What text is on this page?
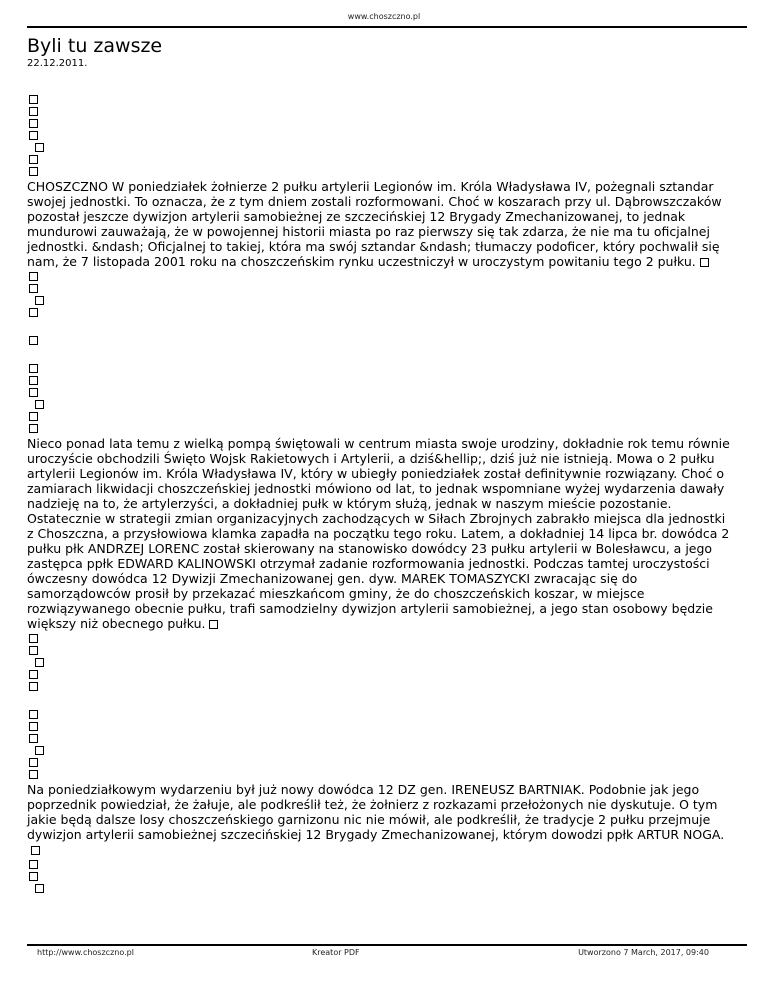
www.choszczno.pl
Byli tu zawsze
22.12.2011.

CHOSZCZNO W poniedziałek żołnierze 2 pułku artylerii Legionów im. Króla Władysława IV, pożegnali sztandar swojej jednostki. To oznacza, że z tym dniem zostali rozformowani. Choć w koszarach przy ul. Dąbrowszczaków pozostał jeszcze dywizjon artylerii samobieżnej ze szczecińskiej 12 Brygady Zmechanizowanej, to jednak mundurowi zauważają, że w powojennej historii miasta po raz pierwszy się tak zdarza, że nie ma tu oficjalnej jednostki. &ndash; Oficjalnej to takiej, która ma swój sztandar &ndash; tłumaczy podoficer, który pochwalił się nam, że 7 listopada 2001 roku na choszczeńskim rynku uczestniczył w uroczystym powitaniu tego 2 pułku.

Nieco ponad lata temu z wielką pompą świętowali w centrum miasta swoje urodziny, dokładnie rok temu równie uroczyście obchodzili Święto Wojsk Rakietowych i Artylerii, a dziś&hellip;, dziś już nie istnieją. Mowa o 2 pułku artylerii Legionów im. Króla Władysława IV, który w ubiegły poniedziałek został definitywnie rozwiązany. Choć o zamiarach likwidacji choszczeńskiej jednostki mówiono od lat, to jednak wspomniane wyżej wydarzenia dawały nadzieję na to, że artylerzyści, a dokładniej pułk w którym służą, jednak w naszym mieście pozostanie. Ostatecznie w strategii zmian organizacyjnych zachodzących w Siłach Zbrojnych zabrakło miejsca dla jednostki z Choszczna, a przysłowiowa klamka zapadła na początku tego roku. Latem, a dokładniej 14 lipca br. dowódca 2 pułku płk ANDRZEJ LORENC został skierowany na stanowisko dowódcy 23 pułku artylerii w Bolesławcu, a jego zastępca ppłk EDWARD KALINOWSKI otrzymał zadanie rozformowania jednostki. Podczas tamtej uroczystości ówczesny dowódca 12 Dywizji Zmechanizowanej gen. dyw. MAREK TOMASZYCKI zwracając się do samorządowców prosił by przekazać mieszkańcom gminy, że do choszczeńskich koszar, w miejsce rozwiązywanego obecnie pułku, trafi samodzielny dywizjon artylerii samobieżnej, a jego stan osobowy będzie większy niż obecnego pułku.

Na poniedziałkowym wydarzeniu był już nowy dowódca 12 DZ gen. IRENEUSZ BARTNIAK. Podobnie jak jego poprzednik powiedział, że żałuje, ale podkreślił też, że żołnierz z rozkazami przełożonych nie dyskutuje. O tym jakie będą dalsze losy choszczeńskiego garnizonu nic nie mówił, ale podkreślił, że tradycje 2 pułku przejmuje dywizjon artylerii samobieżnej szczecińskiej 12 Brygady Zmechanizowanej, którym dowodzi ppłk ARTUR NOGA.

http://www.choszczno.pl	Kreator PDF	Utworzono 7 March, 2017, 09:40
